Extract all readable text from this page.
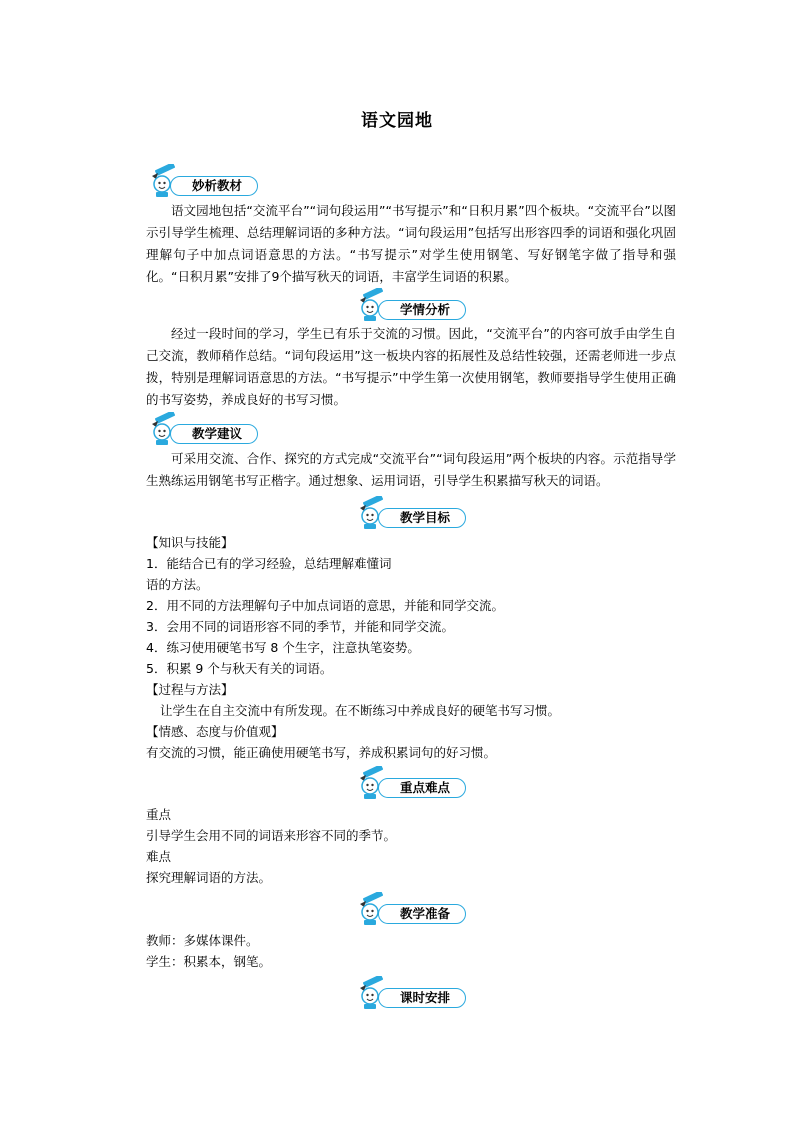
语文园地
妙析教材

语文园地包括“交流平台”“词句段运用”“书写提示”和“日积月累”四个板块。“交流平台”以图示引导学生梳理、总结理解词语的多种方法。“词句段运用”包括写出形容四季的词语和强化巩固理解句子中加点词语意思的方法。“书写提示”对学生使用钢笔、写好钢笔字做了指导和强化。“日积月累”安排了9个描写秋天的词语，丰富学生词语的积累。

学情分析

经过一段时间的学习，学生已有乐于交流的习惯。因此，“交流平台”的内容可放手由学生自己交流，教师稍作总结。“词句段运用”这一板块内容的拓展性及总结性较强，还需老师进一步点拨，特别是理解词语意思的方法。“书写提示”中学生第一次使用钢笔，教师要指导学生使用正确的书写姿势，养成良好的书写习惯。

教学建议

可采用交流、合作、探究的方式完成“交流平台”“词句段运用”两个板块的内容。示范指导学生熟练运用钢笔书写正楷字。通过想象、运用词语，引导学生积累描写秋天的词语。

教学目标
【知识与技能】
1．能结合已有的学习经验，总结理解难懂词
语的方法。
2．用不同的方法理解句子中加点词语的意思，并能和同学交流。
3．会用不同的词语形容不同的季节，并能和同学交流。
4．练习使用硬笔书写 8 个生字，注意执笔姿势。
5．积累 9 个与秋天有关的词语。
【过程与方法】
让学生在自主交流中有所发现。在不断练习中养成良好的硬笔书写习惯。
【情感、态度与价值观】
有交流的习惯，能正确使用硬笔书写，养成积累词句的好习惯。
重点难点
重点
引导学生会用不同的词语来形容不同的季节。
难点
探究理解词语的方法。
教学准备
教师：多媒体课件。
学生：积累本，钢笔。
课时安排
